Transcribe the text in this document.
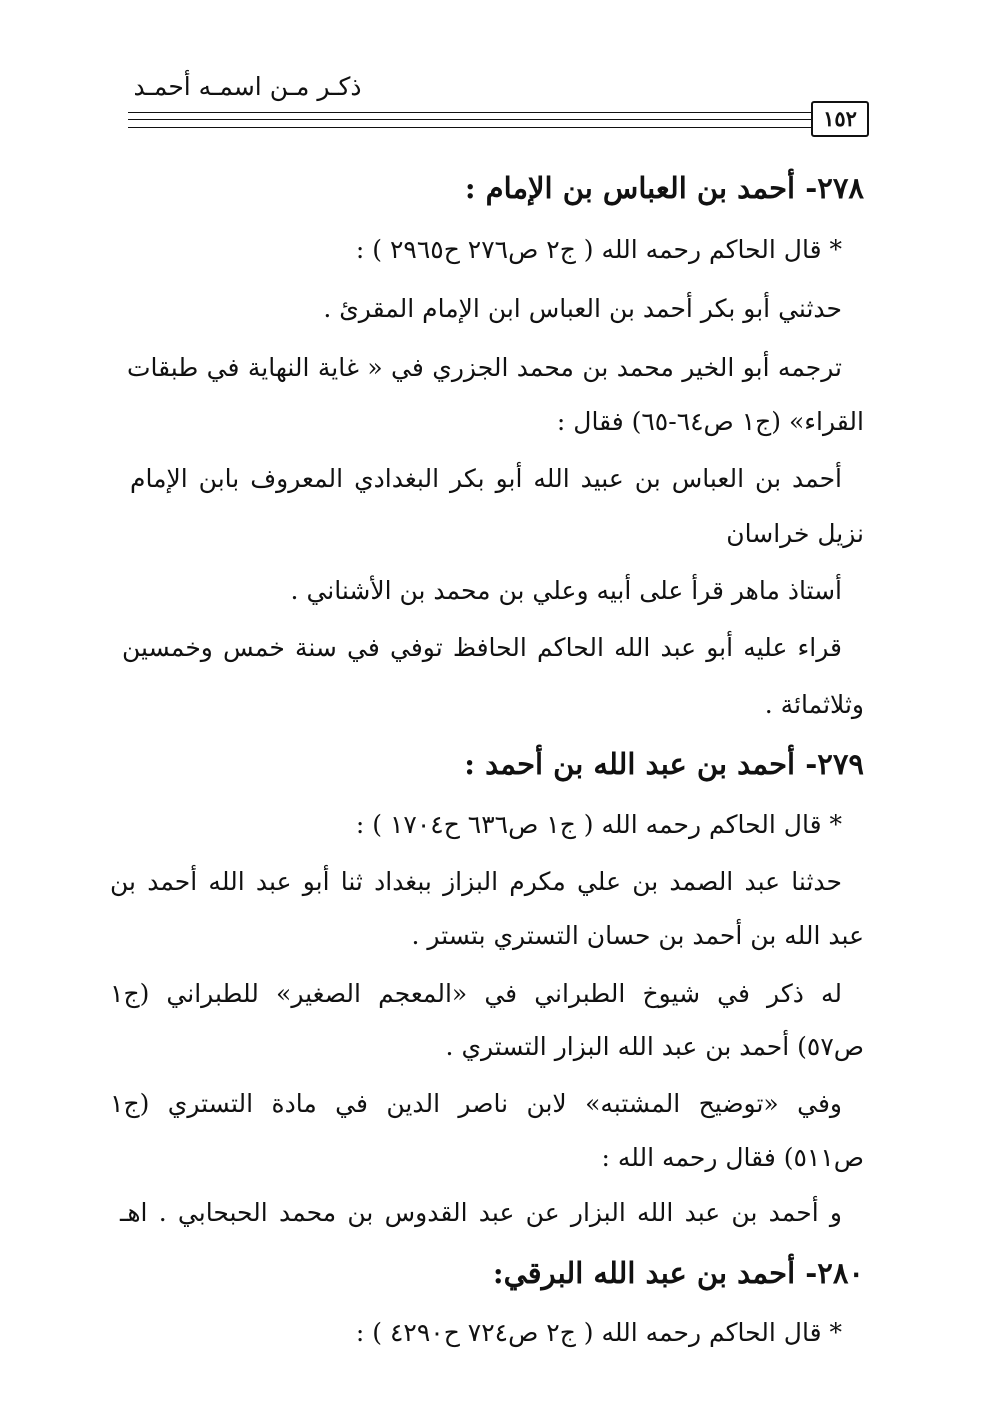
ذكـر مـن اسمـه أحمـد
١٥٢
٢٧٨- أحمد بن العباس بن الإمام :
* قال الحاكم رحمه الله ( ج٢ ص٢٧٦ ح٢٩٦٥ ) :
حدثني أبو بكر أحمد بن العباس ابن الإمام المقرئ .
ترجمه أبو الخير محمد بن محمد الجزري في « غاية النهاية في طبقات
القراء» (ج١ ص٦٤-٦٥) فقال :
أحمد بن العباس بن عبيد الله أبو بكر البغدادي المعروف بابن الإمام
نزيل خراسان
أستاذ ماهر قرأ على أبيه وعلي بن محمد بن الأشناني .
قراء عليه أبو عبد الله الحاكم الحافظ توفي في سنة خمس وخمسين
وثلاثمائة .
٢٧٩- أحمد بن عبد الله بن أحمد :
* قال الحاكم رحمه الله ( ج١ ص٦٣٦ ح١٧٠٤ ) :
حدثنا عبد الصمد بن علي مكرم البزاز ببغداد ثنا أبو عبد الله أحمد بن
عبد الله بن أحمد بن حسان التستري بتستر .
له ذكر في شيوخ الطبراني في «المعجم الصغير» للطبراني (ج١
ص٥٧) أحمد بن عبد الله البزار التستري .
وفي «توضيح المشتبه» لابن ناصر الدين في مادة التستري (ج١
ص٥١١) فقال رحمه الله :
و أحمد بن عبد الله البزار عن عبد القدوس بن محمد الحبحابي . اهـ
٢٨٠- أحمد بن عبد الله البرقي:
* قال الحاكم رحمه الله ( ج٢ ص٧٢٤ ح٤٢٩٠ ) :
